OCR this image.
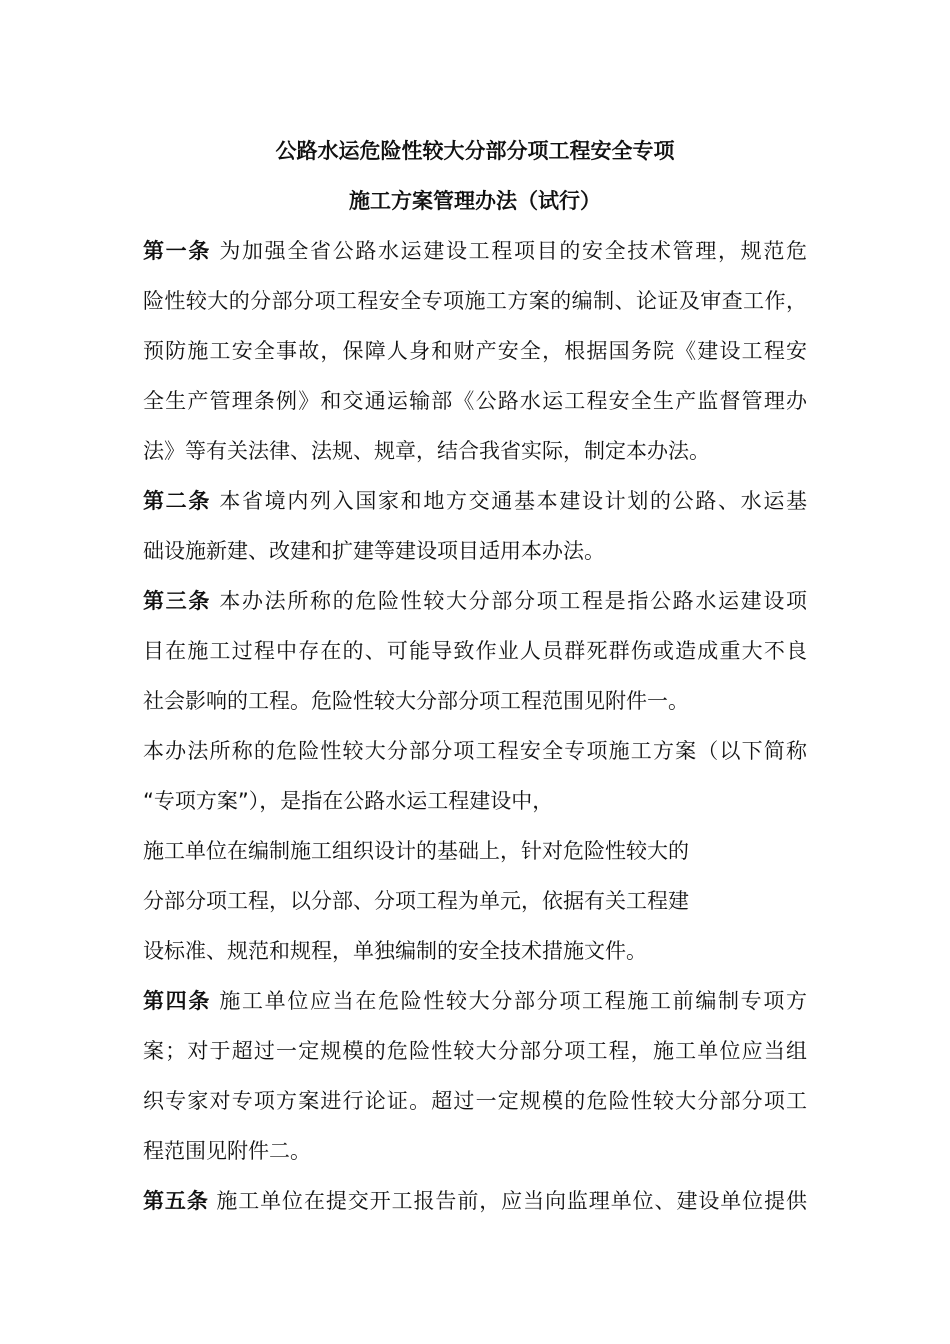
公路水运危险性较大分部分项工程安全专项
施工方案管理办法（试行）
第一条 为加强全省公路水运建设工程项目的安全技术管理，规范危
险性较大的分部分项工程安全专项施工方案的编制、论证及审查工作，
预防施工安全事故，保障人身和财产安全，根据国务院《建设工程安
全生产管理条例》和交通运输部《公路水运工程安全生产监督管理办
法》等有关法律、法规、规章，结合我省实际，制定本办法。
第二条 本省境内列入国家和地方交通基本建设计划的公路、水运基
础设施新建、改建和扩建等建设项目适用本办法。
第三条 本办法所称的危险性较大分部分项工程是指公路水运建设项
目在施工过程中存在的、可能导致作业人员群死群伤或造成重大不良
社会影响的工程。危险性较大分部分项工程范围见附件一。
本办法所称的危险性较大分部分项工程安全专项施工方案（以下简称
“专项方案”），是指在公路水运工程建设中，
施工单位在编制施工组织设计的基础上，针对危险性较大的
分部分项工程，以分部、分项工程为单元，依据有关工程建
设标准、规范和规程，单独编制的安全技术措施文件。
第四条 施工单位应当在危险性较大分部分项工程施工前编制专项方
案；对于超过一定规模的危险性较大分部分项工程，施工单位应当组
织专家对专项方案进行论证。超过一定规模的危险性较大分部分项工
程范围见附件二。
第五条 施工单位在提交开工报告前，应当向监理单位、建设单位提供
